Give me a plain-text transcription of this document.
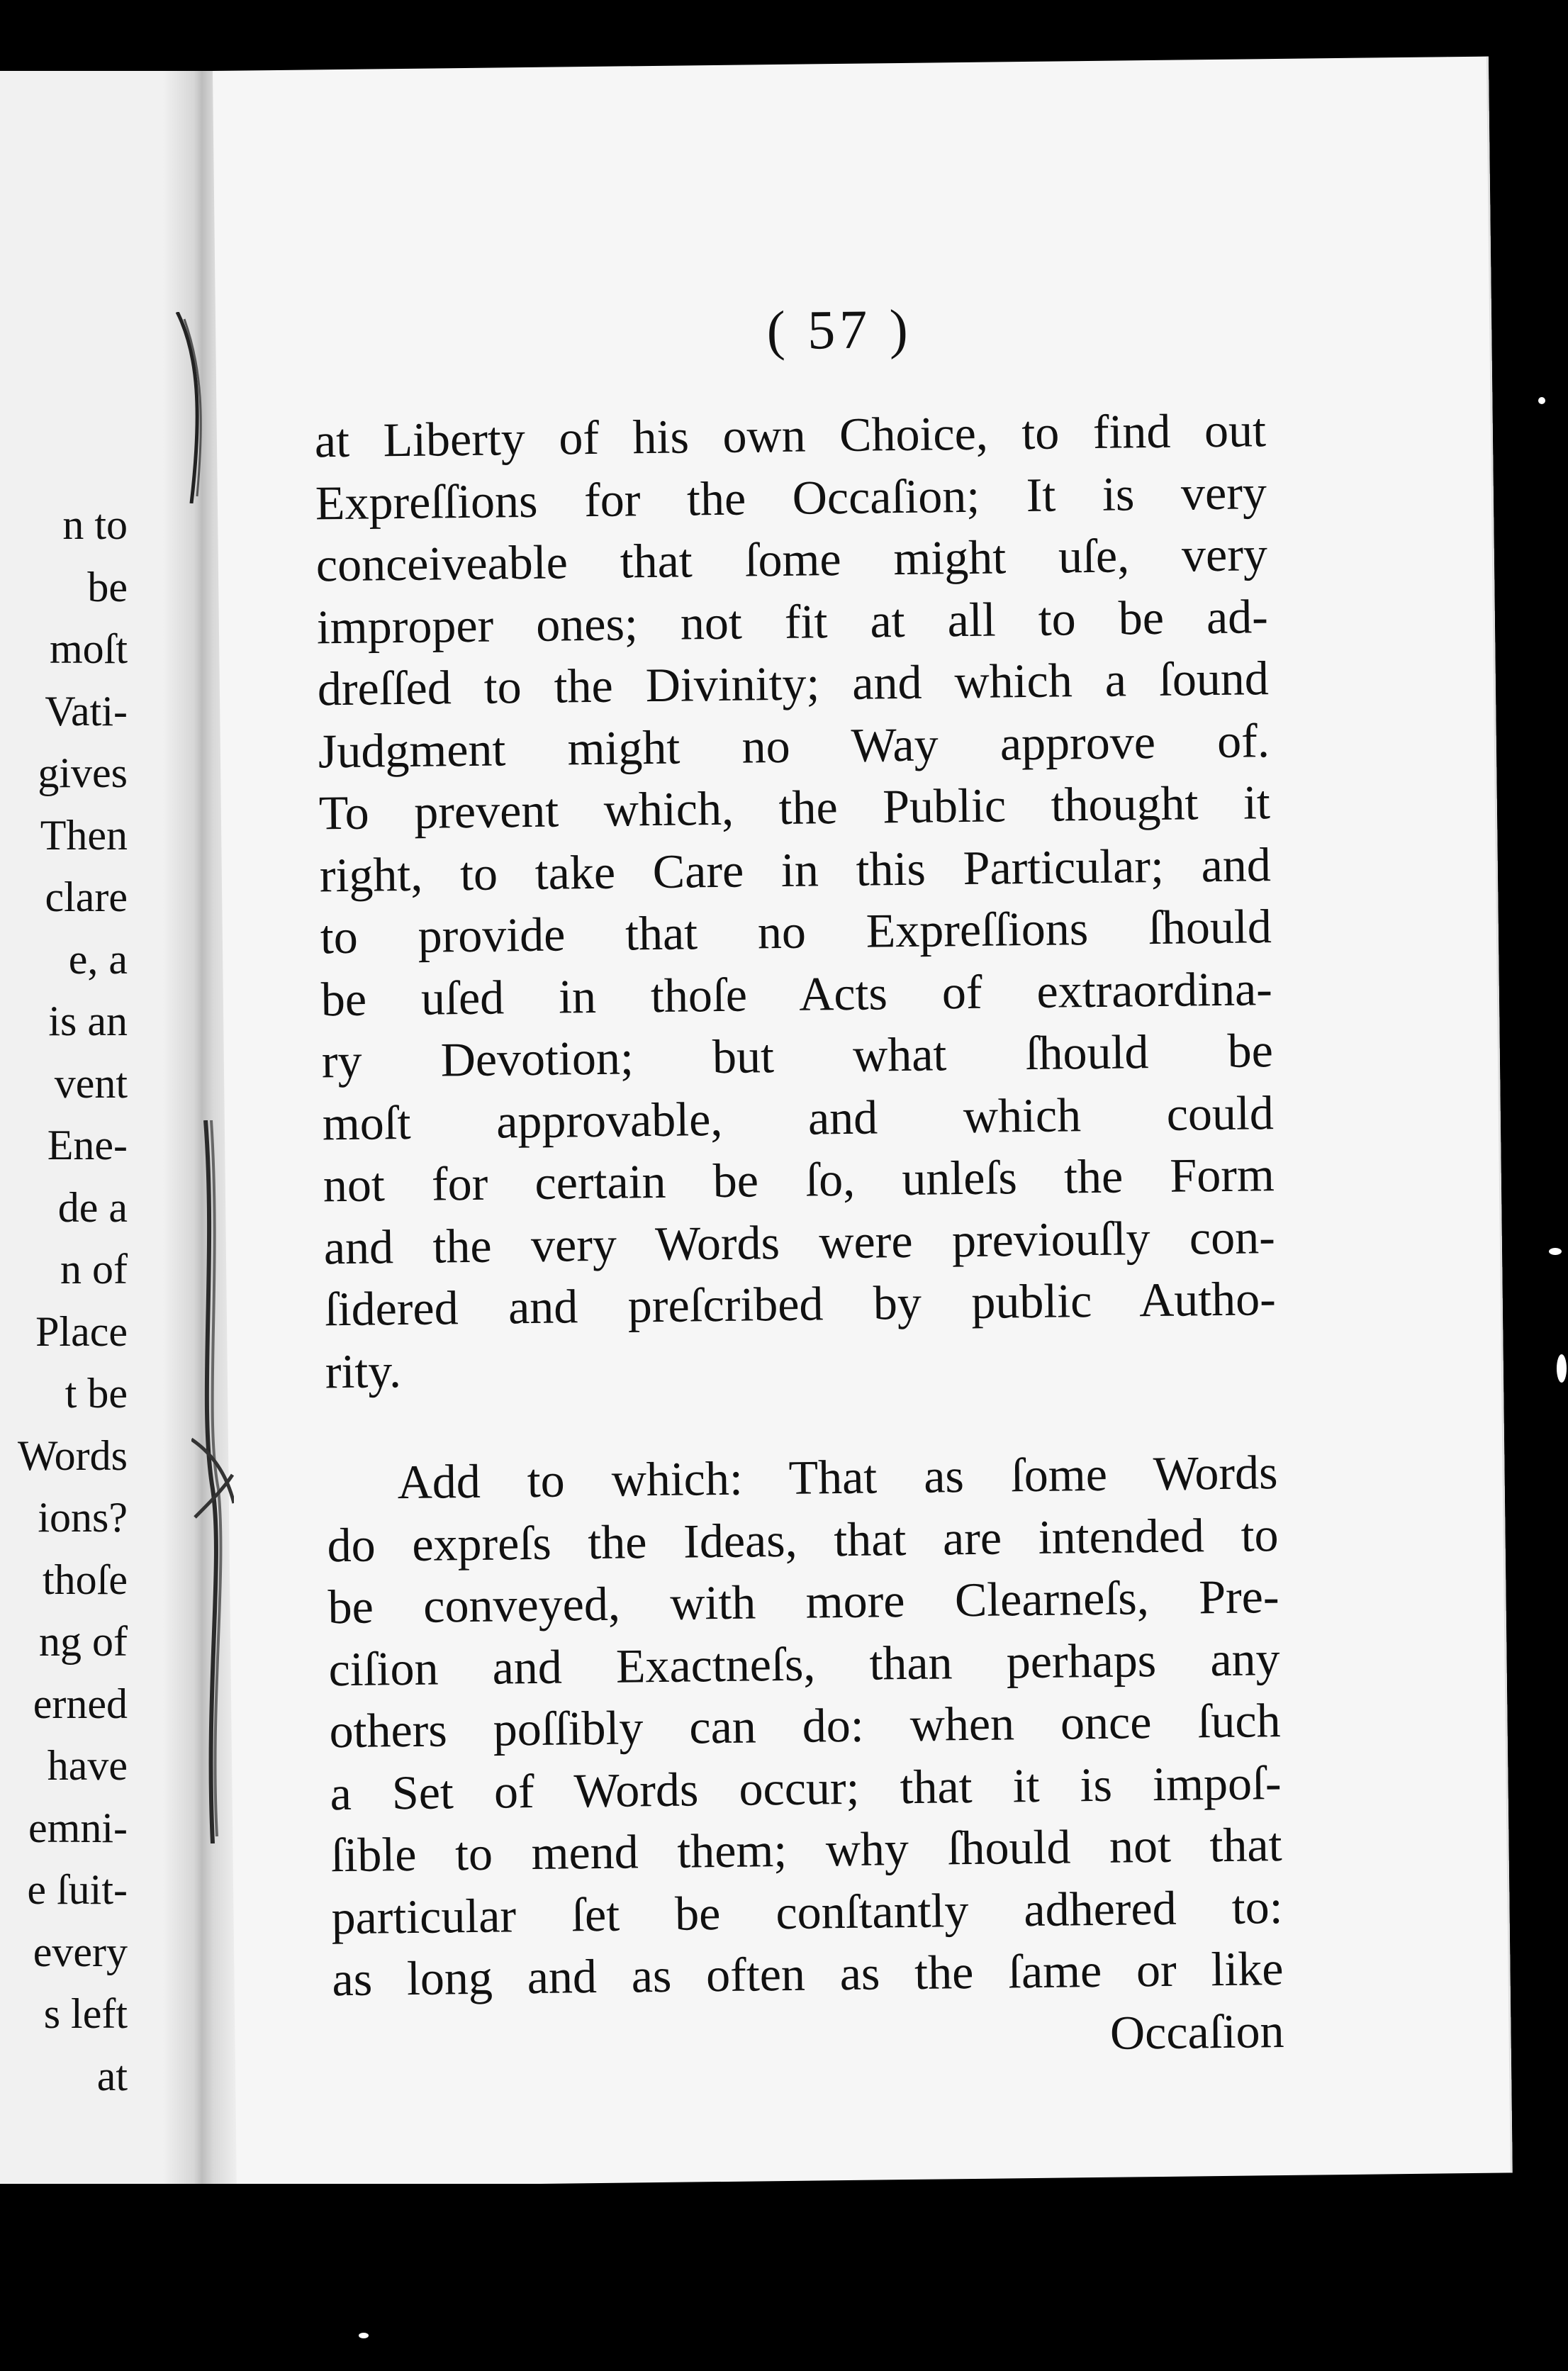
n to
be
moſt
Vati-
gives
Then
clare
e, a
is an
vent
Ene-
de a
n of
Place
t be
Words
ions?
thoſe
ng of
erned
have
emni-
e ſuit-
every
s left
at
( 57 )
at Liberty of his own Choice, to find out
Expreſſions for the Occaſion; It is very
conceiveable that ſome might uſe, very
improper ones; not fit at all to be ad-
dreſſed to the Divinity; and which a ſound
Judgment might no Way approve of.
To prevent which, the Public thought it
right, to take Care in this Particular; and
to provide that no Expreſſions ſhould
be uſed in thoſe Acts of extraordina-
ry Devotion; but what ſhould be
moſt approvable, and which could
not for certain be ſo, unleſs the Form
and the very Words were previouſly con-
ſidered and preſcribed by public Autho-
rity.
Add to which: That as ſome Words
do expreſs the Ideas, that are intended to
be conveyed, with more Clearneſs, Pre-
ciſion and Exactneſs, than perhaps any
others poſſibly can do: when once ſuch
a Set of Words occur; that it is impoſ-
ſible to mend them; why ſhould not that
particular ſet be conſtantly adhered to:
as long and as often as the ſame or like
Occaſion
